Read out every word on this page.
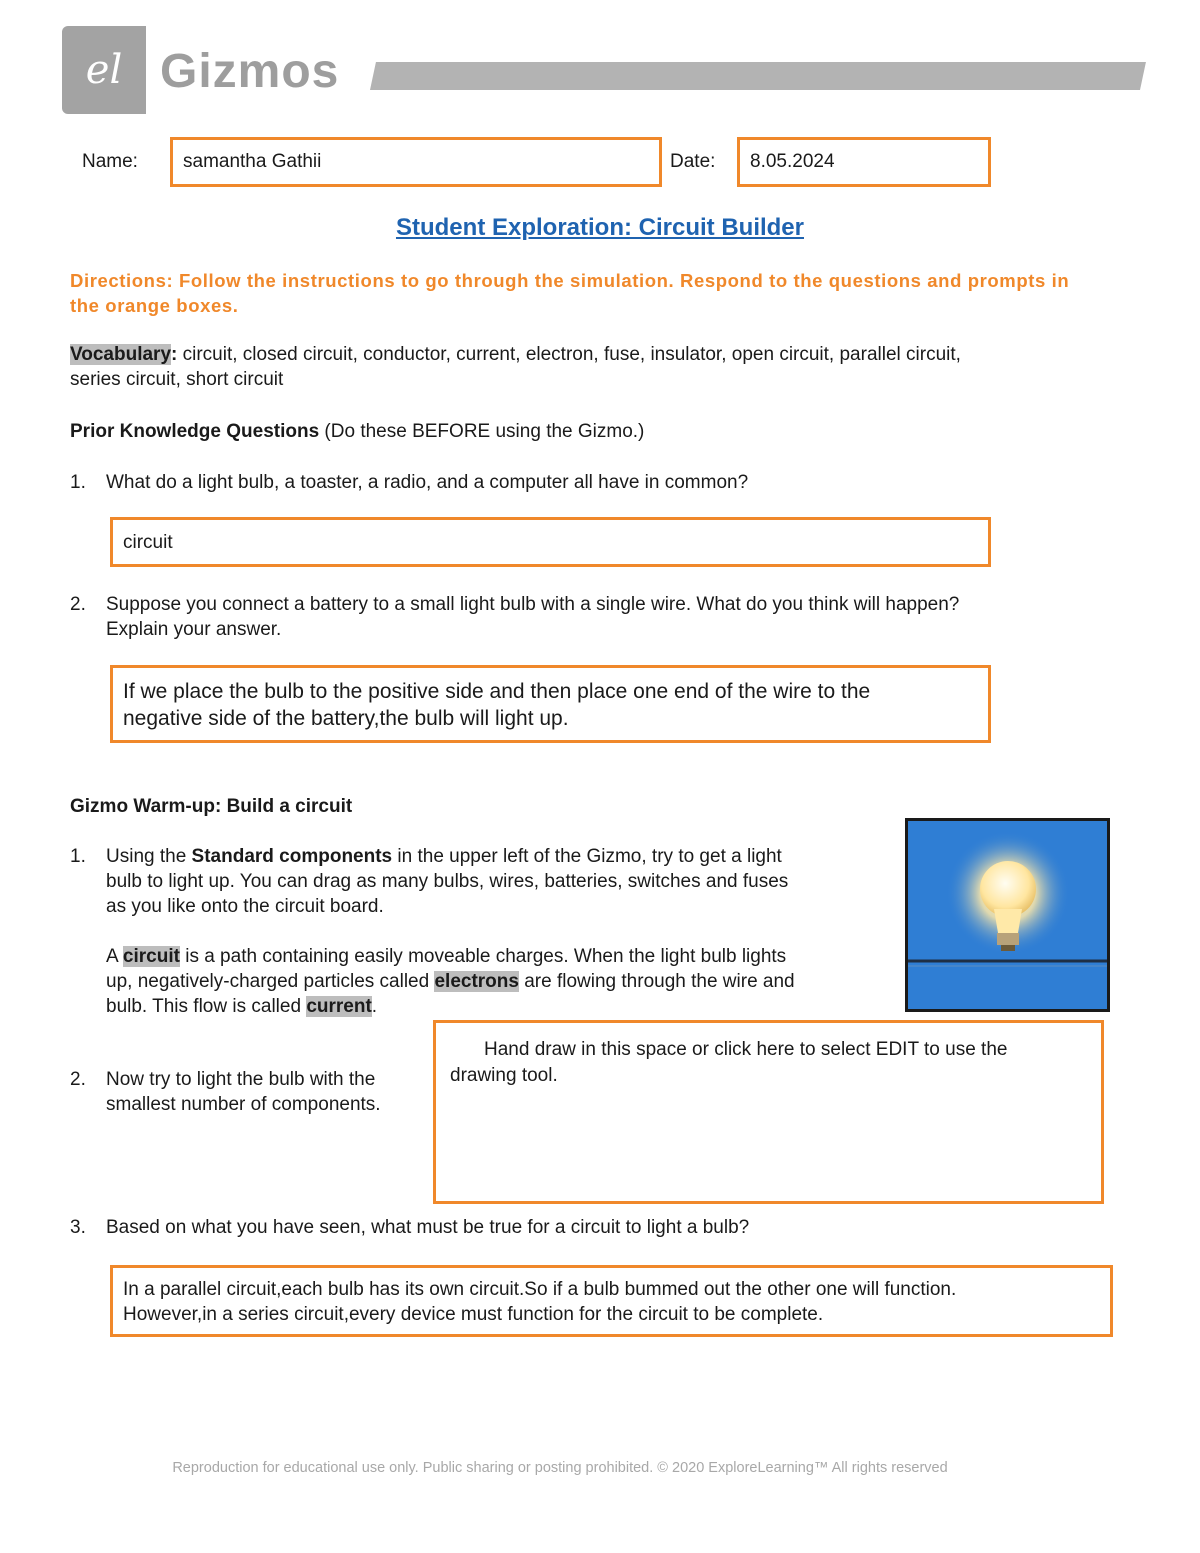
el Gizmos
Name:	samantha Gathii	Date:	8.05.2024
Student Exploration: Circuit Builder
Directions: Follow the instructions to go through the simulation. Respond to the questions and prompts in the orange boxes.
Vocabulary: circuit, closed circuit, conductor, current, electron, fuse, insulator, open circuit, parallel circuit,
series circuit, short circuit
Prior Knowledge Questions (Do these BEFORE using the Gizmo.)
1. What do a light bulb, a toaster, a radio, and a computer all have in common?
circuit
2. Suppose you connect a battery to a small light bulb with a single wire. What do you think will happen?
Explain your answer.
If we place the bulb to the positive side and then place one end of the wire to the
negative side of the battery,the bulb will light up.
Gizmo Warm-up: Build a circuit
1. Using the Standard components in the upper left of the Gizmo, try to get a light
bulb to light up. You can drag as many bulbs, wires, batteries, switches and fuses
as you like onto the circuit board.

A circuit is a path containing easily moveable charges. When the light bulb lights
up, negatively-charged particles called electrons are flowing through the wire and
bulb. This flow is called current.
2. Now try to light the bulb with the
smallest number of components.
Hand draw in this space or click here to select EDIT to use the
drawing tool.
3. Based on what you have seen, what must be true for a circuit to light a bulb?
In a parallel circuit,each bulb has its own circuit.So if a bulb bummed out the other one will function.
However,in a series circuit,every device must function for the circuit to be complete.
Reproduction for educational use only. Public sharing or posting prohibited. © 2020 ExploreLearning™ All rights reserved
